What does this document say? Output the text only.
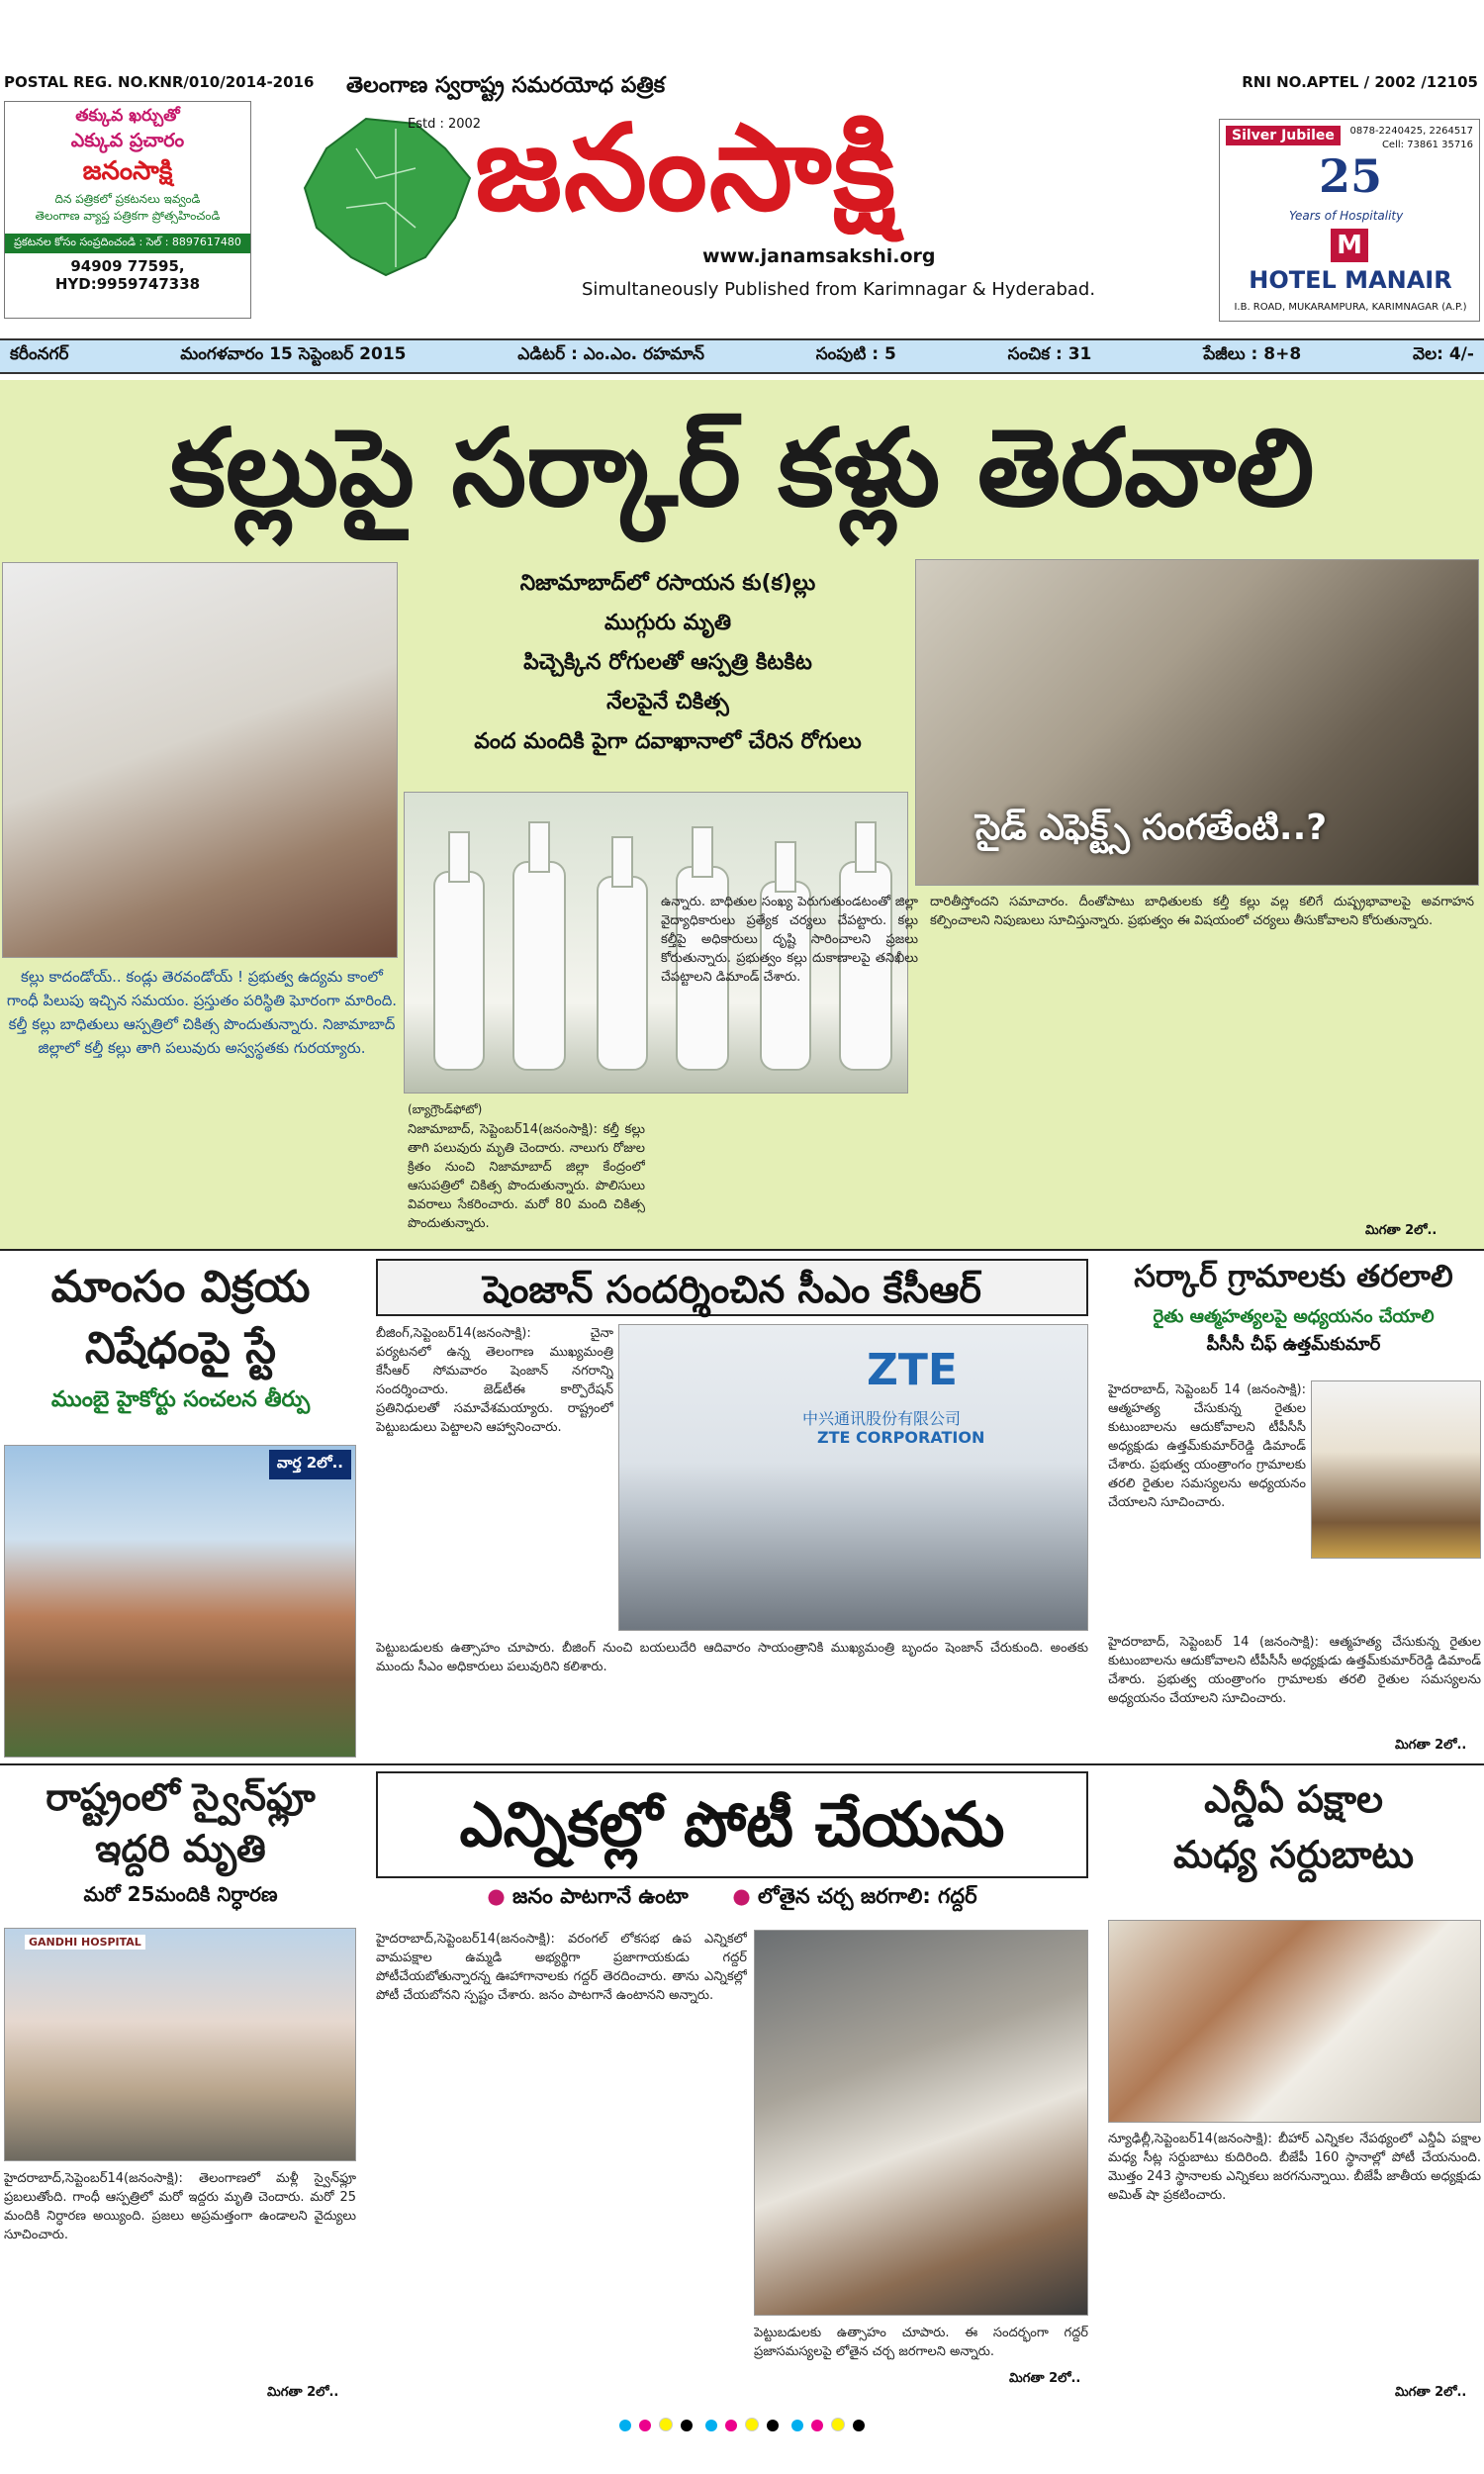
POSTAL REG. NO.KNR/010/2014-2016	RNI NO.APTEL / 2002 /12105
తక్కువ ఖర్చుతో
ఎక్కువ ప్రచారం
జనంసాక్షి
దిన పత్రికలో ప్రకటనలు ఇవ్వండి
తెలంగాణ వ్యాప్త పత్రికగా ప్రోత్సహించండి
ప్రకటనల కోసం సంప్రదించండి : సెల్ : 8897617480
94909 77595, HYD:9959747338
తెలంగాణ స్వరాష్ట్ర సమరయోధ పత్రిక
Estd : 2002
జనంసాక్షి
www.janamsakshi.org
Simultaneously Published from Karimnagar & Hyderabad.
Silver Jubilee	0878-2240425, 2264517
Cell: 73861 35716
25
Years of Hospitality
M
HOTEL MANAIR
I.B. ROAD, MUKARAMPURA, KARIMNAGAR (A.P.)
కరీంనగర్	మంగళవారం 15 సెప్టెంబర్ 2015	ఎడిటర్ : ఎం.ఎం. రహమాన్	సంపుటి : 5	సంచిక : 31	పేజీలు : 8+8	వెల: 4/-
కల్లుపై సర్కార్ కళ్లు తెరవాలి
నిజామాబాద్‌లో రసాయన కు(క)ల్లు
ముగ్గురు మృతి
పిచ్చెక్కిన రోగులతో ఆస్పత్రి కిటకిట
నేలపైనే చికిత్స
వంద మందికి పైగా దవాఖానాలో చేరిన రోగులు
సైడ్ ఎఫెక్ట్స్ సంగతేంటి..?
కల్లు కాదండోయ్.. కండ్లు తెరవండోయ్ ! ప్రభుత్వ ఉద్యమ కాంలో గాంధీ పిలుపు ఇచ్చిన సమయం. ప్రస్తుతం పరిస్థితి ఘోరంగా మారింది. కల్తీ కల్లు బాధితులు ఆస్పత్రిలో చికిత్స పొందుతున్నారు. నిజామాబాద్ జిల్లాలో కల్తీ కల్లు తాగి పలువురు అస్వస్థతకు గురయ్యారు.
(బ్యాగ్రౌండ్‌ఫోటో)
నిజామాబాద్, సెప్టెంబర్14(జనంసాక్షి): కల్తీ కల్లు తాగి పలువురు మృతి చెందారు. నాలుగు రోజుల క్రితం నుంచి నిజామాబాద్ జిల్లా కేంద్రంలో ఆసుపత్రిలో చికిత్స పొందుతున్నారు. పొలిసులు వివరాలు సేకరించారు. మరో 80 మంది చికిత్స పొందుతున్నారు.
ఉన్నారు. బాధితుల సంఖ్య పెరుగుతుండటంతో జిల్లా వైద్యాధికారులు ప్రత్యేక చర్యలు చేపట్టారు. కల్లు కల్తీపై అధికారులు దృష్టి సారించాలని ప్రజలు కోరుతున్నారు. ప్రభుత్వం కల్లు దుకాణాలపై తనిఖీలు చేపట్టాలని డిమాండ్ చేశారు.
దారితీస్తోందని సమాచారం. దీంతోపాటు బాధితులకు కల్తీ కల్లు వల్ల కలిగే దుష్ప్రభావాలపై అవగాహన కల్పించాలని నిపుణులు సూచిస్తున్నారు. ప్రభుత్వం ఈ విషయంలో చర్యలు తీసుకోవాలని కోరుతున్నారు.
మిగతా 2లో..
మాంసం విక్రయ
నిషేధంపై స్టే
ముంబై హైకోర్టు సంచలన తీర్పు
వార్త 2లో..
షెంజాన్ సందర్శించిన సీఎం కేసీఆర్
బీజింగ్,సెప్టెంబర్14(జనంసాక్షి): చైనా పర్యటనలో ఉన్న తెలంగాణ ముఖ్యమంత్రి కేసీఆర్ సోమవారం షెంజాన్ నగరాన్ని సందర్శించారు. జెడ్‌టీఈ కార్పొరేషన్ ప్రతినిధులతో సమావేశమయ్యారు. రాష్ట్రంలో పెట్టుబడులు పెట్టాలని ఆహ్వానించారు.
ZTE
中兴通讯股份有限公司
ZTE CORPORATION
పెట్టుబడులకు ఉత్సాహం చూపారు. బీజింగ్ నుంచి బయలుదేరి ఆదివారం సాయంత్రానికి ముఖ్యమంత్రి బృందం షెంజాన్ చేరుకుంది. అంతకు ముందు సీఎం అధికారులు పలువురిని కలిశారు.
సర్కార్ గ్రామాలకు తరలాలి
రైతు ఆత్మహత్యలపై అధ్యయనం చేయాలి
పీసీసీ చీఫ్ ఉత్తమ్‌కుమార్
హైదరాబాద్, సెప్టెంబర్ 14 (జనంసాక్షి): ఆత్మహత్య చేసుకున్న రైతుల కుటుంబాలను ఆదుకోవాలని టీపీసీసీ అధ్యక్షుడు ఉత్తమ్‌కుమార్‌రెడ్డి డిమాండ్ చేశారు. ప్రభుత్వ యంత్రాంగం గ్రామాలకు తరలి రైతుల సమస్యలను అధ్యయనం చేయాలని సూచించారు.
హైదరాబాద్, సెప్టెంబర్ 14 (జనంసాక్షి): ఆత్మహత్య చేసుకున్న రైతుల కుటుంబాలను ఆదుకోవాలని టీపీసీసీ అధ్యక్షుడు ఉత్తమ్‌కుమార్‌రెడ్డి డిమాండ్ చేశారు. ప్రభుత్వ యంత్రాంగం గ్రామాలకు తరలి రైతుల సమస్యలను అధ్యయనం చేయాలని సూచించారు.
మిగతా 2లో..
రాష్ట్రంలో స్వైన్‌ఫ్లూ
ఇద్దరి మృతి
మరో 25మందికి నిర్ధారణ
GANDHI HOSPITAL
హైదరాబాద్,సెప్టెంబర్14(జనంసాక్షి): తెలంగాణలో మళ్లీ స్వైన్‌ఫ్లూ ప్రబలుతోంది. గాంధీ ఆస్పత్రిలో మరో ఇద్దరు మృతి చెందారు. మరో 25 మందికి నిర్ధారణ అయ్యింది. ప్రజలు అప్రమత్తంగా ఉండాలని వైద్యులు సూచించారు.
మిగతా 2లో..
ఎన్నికల్లో పోటీ చేయను
● జనం పాటగానే ఉంటా ● లోతైన చర్చ జరగాలి: గద్దర్
హైదరాబాద్,సెప్టెంబర్14(జనంసాక్షి): వరంగల్ లోకసభ ఉప ఎన్నికలో వామపక్షాల ఉమ్మడి అభ్యర్థిగా ప్రజాగాయకుడు గద్దర్ పోటీచేయబోతున్నారన్న ఊహాగానాలకు గద్దర్ తెరదించారు. తాను ఎన్నికల్లో పోటీ చేయబోనని స్పష్టం చేశారు. జనం పాటగానే ఉంటానని అన్నారు.
పెట్టుబడులకు ఉత్సాహం చూపారు. ఈ సందర్భంగా గద్దర్ ప్రజాసమస్యలపై లోతైన చర్చ జరగాలని అన్నారు.
మిగతా 2లో..
ఎన్డీఏ పక్షాల
మధ్య సర్దుబాటు
న్యూఢిల్లీ,సెప్టెంబర్14(జనంసాక్షి): బీహార్ ఎన్నికల నేపథ్యంలో ఎన్డీఏ పక్షాల మధ్య సీట్ల సర్దుబాటు కుదిరింది. బీజేపీ 160 స్థానాల్లో పోటీ చేయనుంది. మొత్తం 243 స్థానాలకు ఎన్నికలు జరగనున్నాయి. బీజేపీ జాతీయ అధ్యక్షుడు అమిత్ షా ప్రకటించారు.
మిగతా 2లో..
